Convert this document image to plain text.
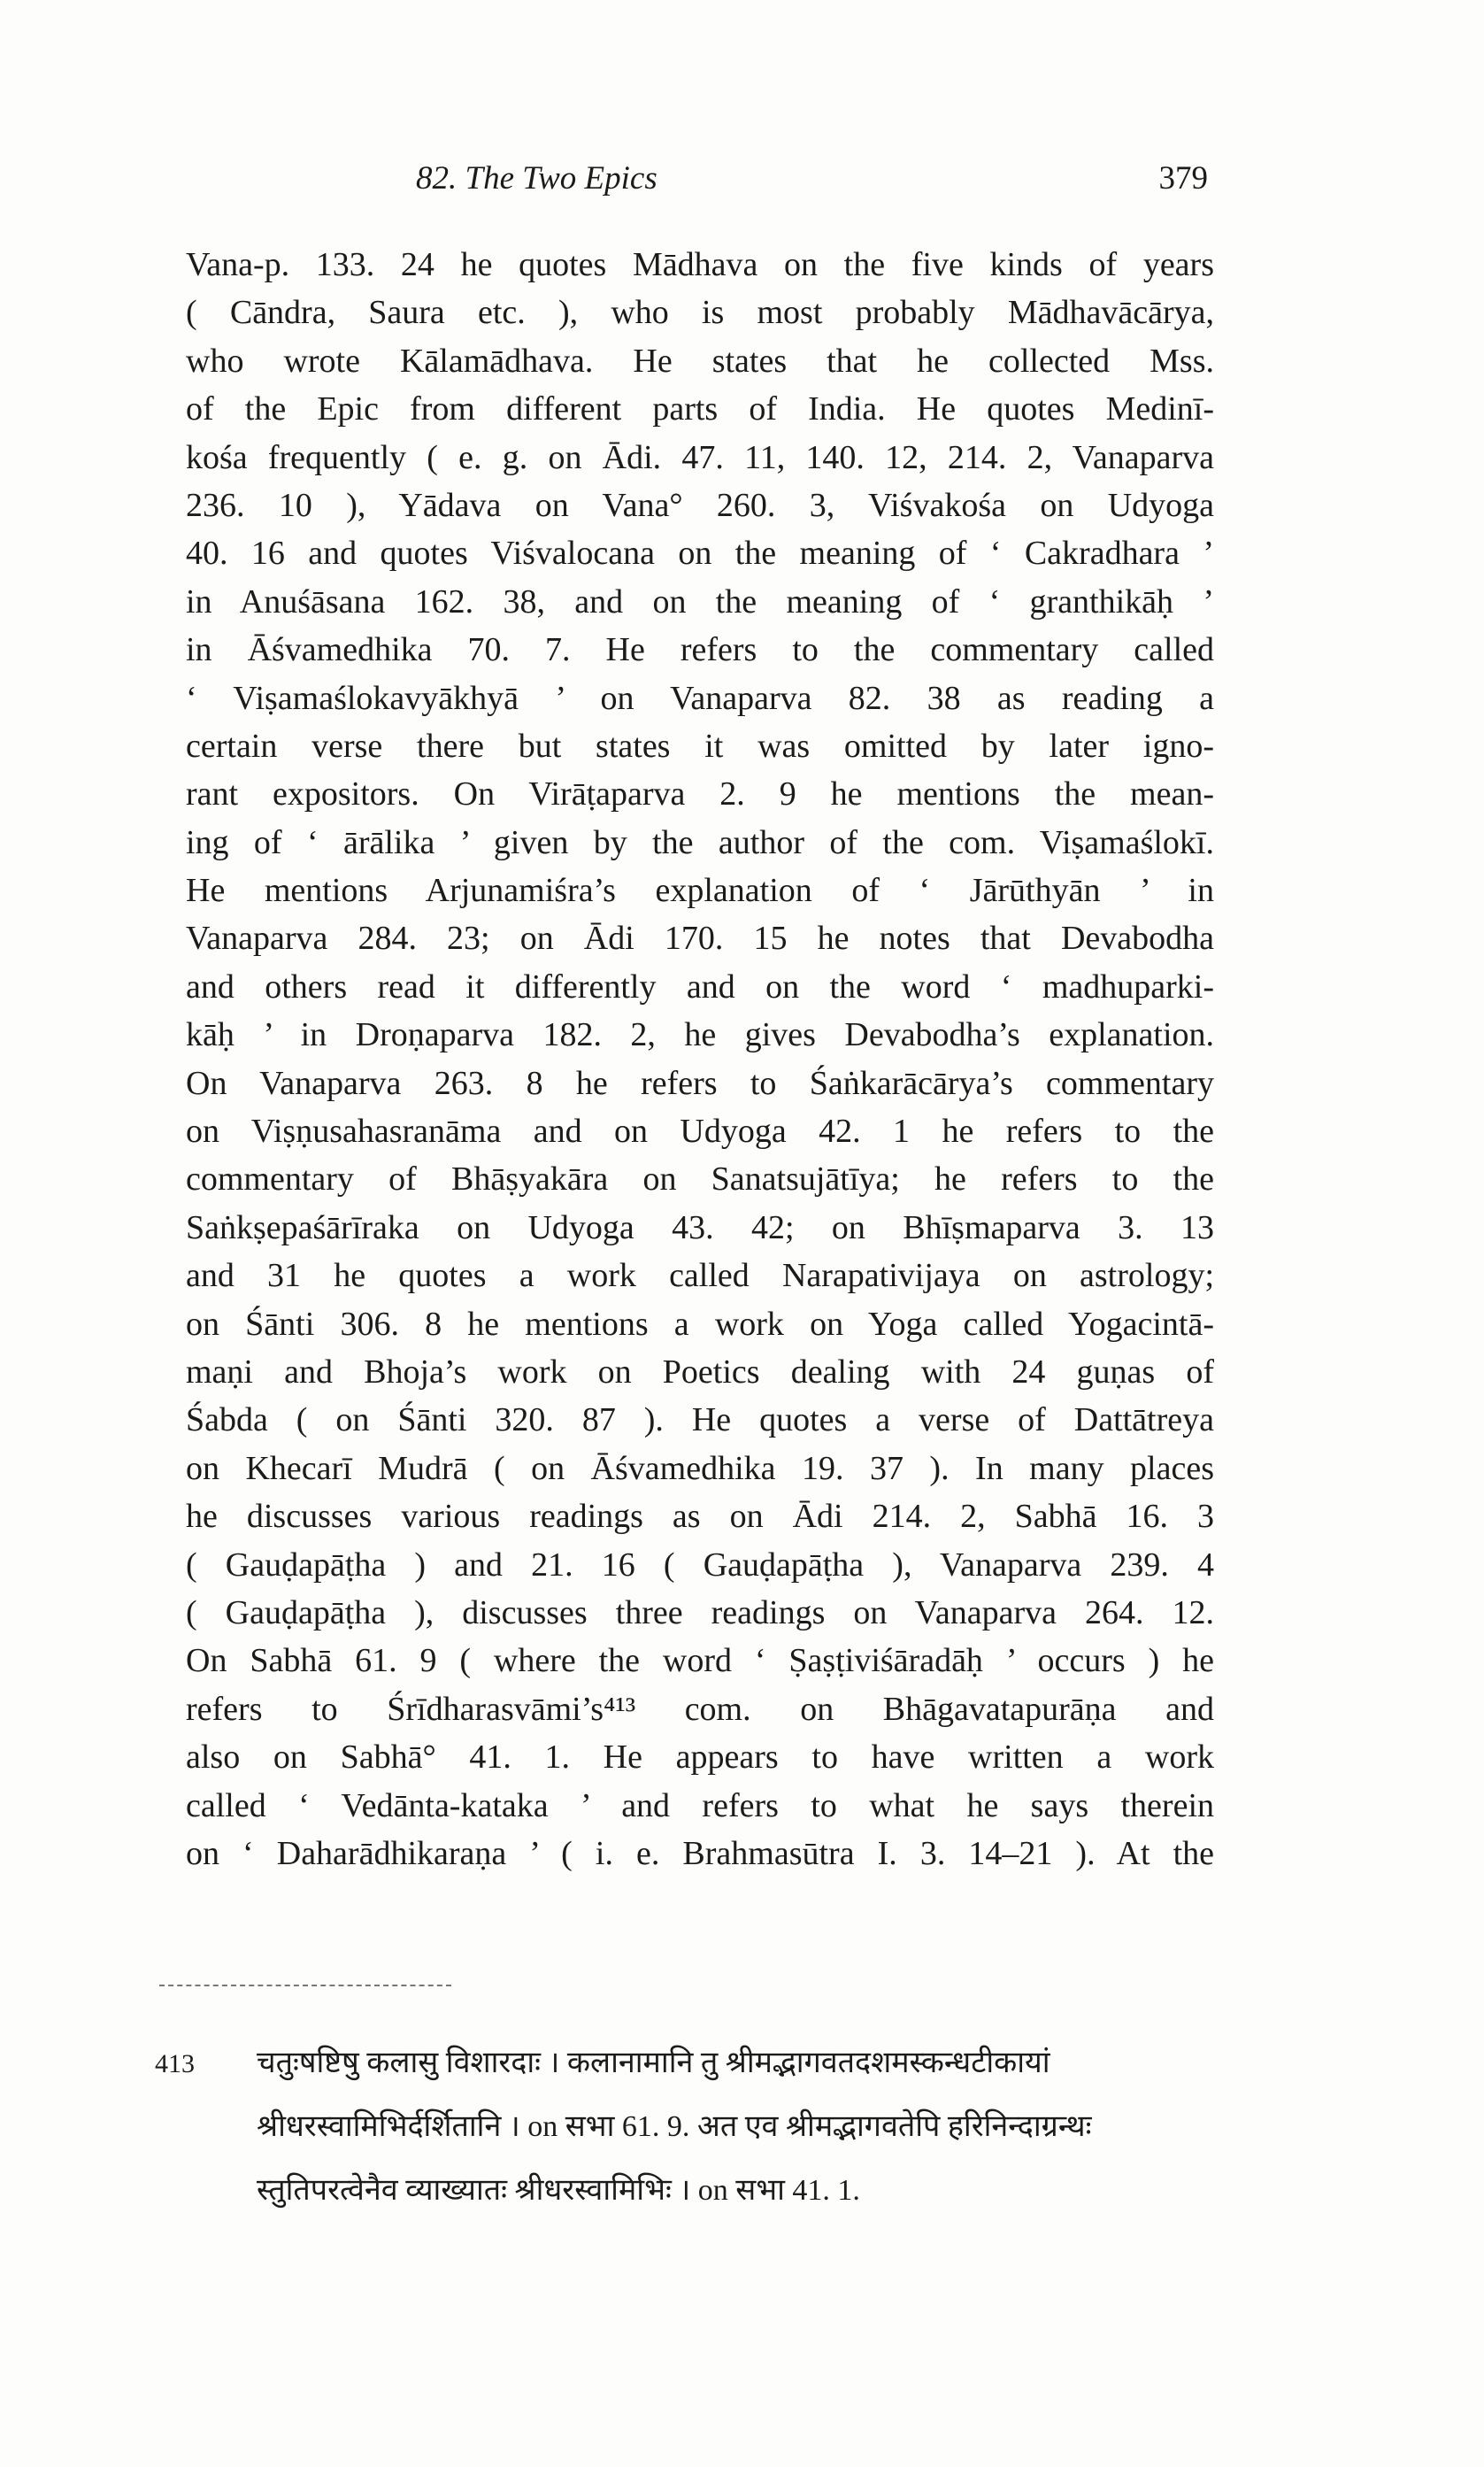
82. The Two Epics	379
Vana-p. 133. 24 he quotes Mādhava on the five kinds of years
( Cāndra, Saura etc. ), who is most probably Mādhavācārya,
who wrote Kālamādhava. He states that he collected Mss.
of the Epic from different parts of India. He quotes Medinī-
kośa frequently ( e. g. on Ādi. 47. 11, 140. 12, 214. 2, Vanaparva
236. 10 ), Yādava on Vana° 260. 3, Viśvakośa on Udyoga
40. 16 and quotes Viśvalocana on the meaning of ‘ Cakradhara ’
in Anuśāsana 162. 38, and on the meaning of ‘ granthikāḥ ’
in Āśvamedhika 70. 7. He refers to the commentary called
‘ Viṣamaślokavyākhyā ’ on Vanaparva 82. 38 as reading a
certain verse there but states it was omitted by later igno-
rant expositors. On Virāṭaparva 2. 9 he mentions the mean-
ing of ‘ ārālika ’ given by the author of the com. Viṣamaślokī.
He mentions Arjunamiśra’s explanation of ‘ Jārūthyān ’ in
Vanaparva 284. 23; on Ādi 170. 15 he notes that Devabodha
and others read it differently and on the word ‘ madhuparki-
kāḥ ’ in Droṇaparva 182. 2, he gives Devabodha’s explanation.
On Vanaparva 263. 8 he refers to Śaṅkarācārya’s commentary
on Viṣṇusahasranāma and on Udyoga 42. 1 he refers to the
commentary of Bhāṣyakāra on Sanatsujātīya; he refers to the
Saṅkṣepaśārīraka on Udyoga 43. 42; on Bhīṣmaparva 3. 13
and 31 he quotes a work called Narapativijaya on astrology;
on Śānti 306. 8 he mentions a work on Yoga called Yogacintā-
maṇi and Bhoja’s work on Poetics dealing with 24 guṇas of
Śabda ( on Śānti 320. 87 ). He quotes a verse of Dattātreya
on Khecarī Mudrā ( on Āśvamedhika 19. 37 ). In many places
he discusses various readings as on Ādi 214. 2, Sabhā 16. 3
( Gauḍapāṭha ) and 21. 16 ( Gauḍapāṭha ), Vanaparva 239. 4
( Gauḍapāṭha ), discusses three readings on Vanaparva 264. 12.
On Sabhā 61. 9 ( where the word ‘ Ṣaṣṭiviśāradāḥ ’ occurs ) he
refers to Śrīdharasvāmi’s⁴¹³ com. on Bhāgavatapurāṇa and
also on Sabhā° 41. 1. He appears to have written a work
called ‘ Vedānta-kataka ’ and refers to what he says therein
on ‘ Daharādhikaraṇa ’ ( i. e. Brahmasūtra I. 3. 14–21 ). At the
413 चतुःषष्टिषु कलासु विशारदाः । कलानामानि तु श्रीमद्भागवतदशमस्कन्धटीकायां
श्रीधरस्वामिभिर्दर्शितानि । on सभा 61. 9. अत एव श्रीमद्भागवतेपि हरिनिन्दाग्रन्थः
स्तुतिपरत्वेनैव व्याख्यातः श्रीधरस्वामिभिः । on सभा 41. 1.
